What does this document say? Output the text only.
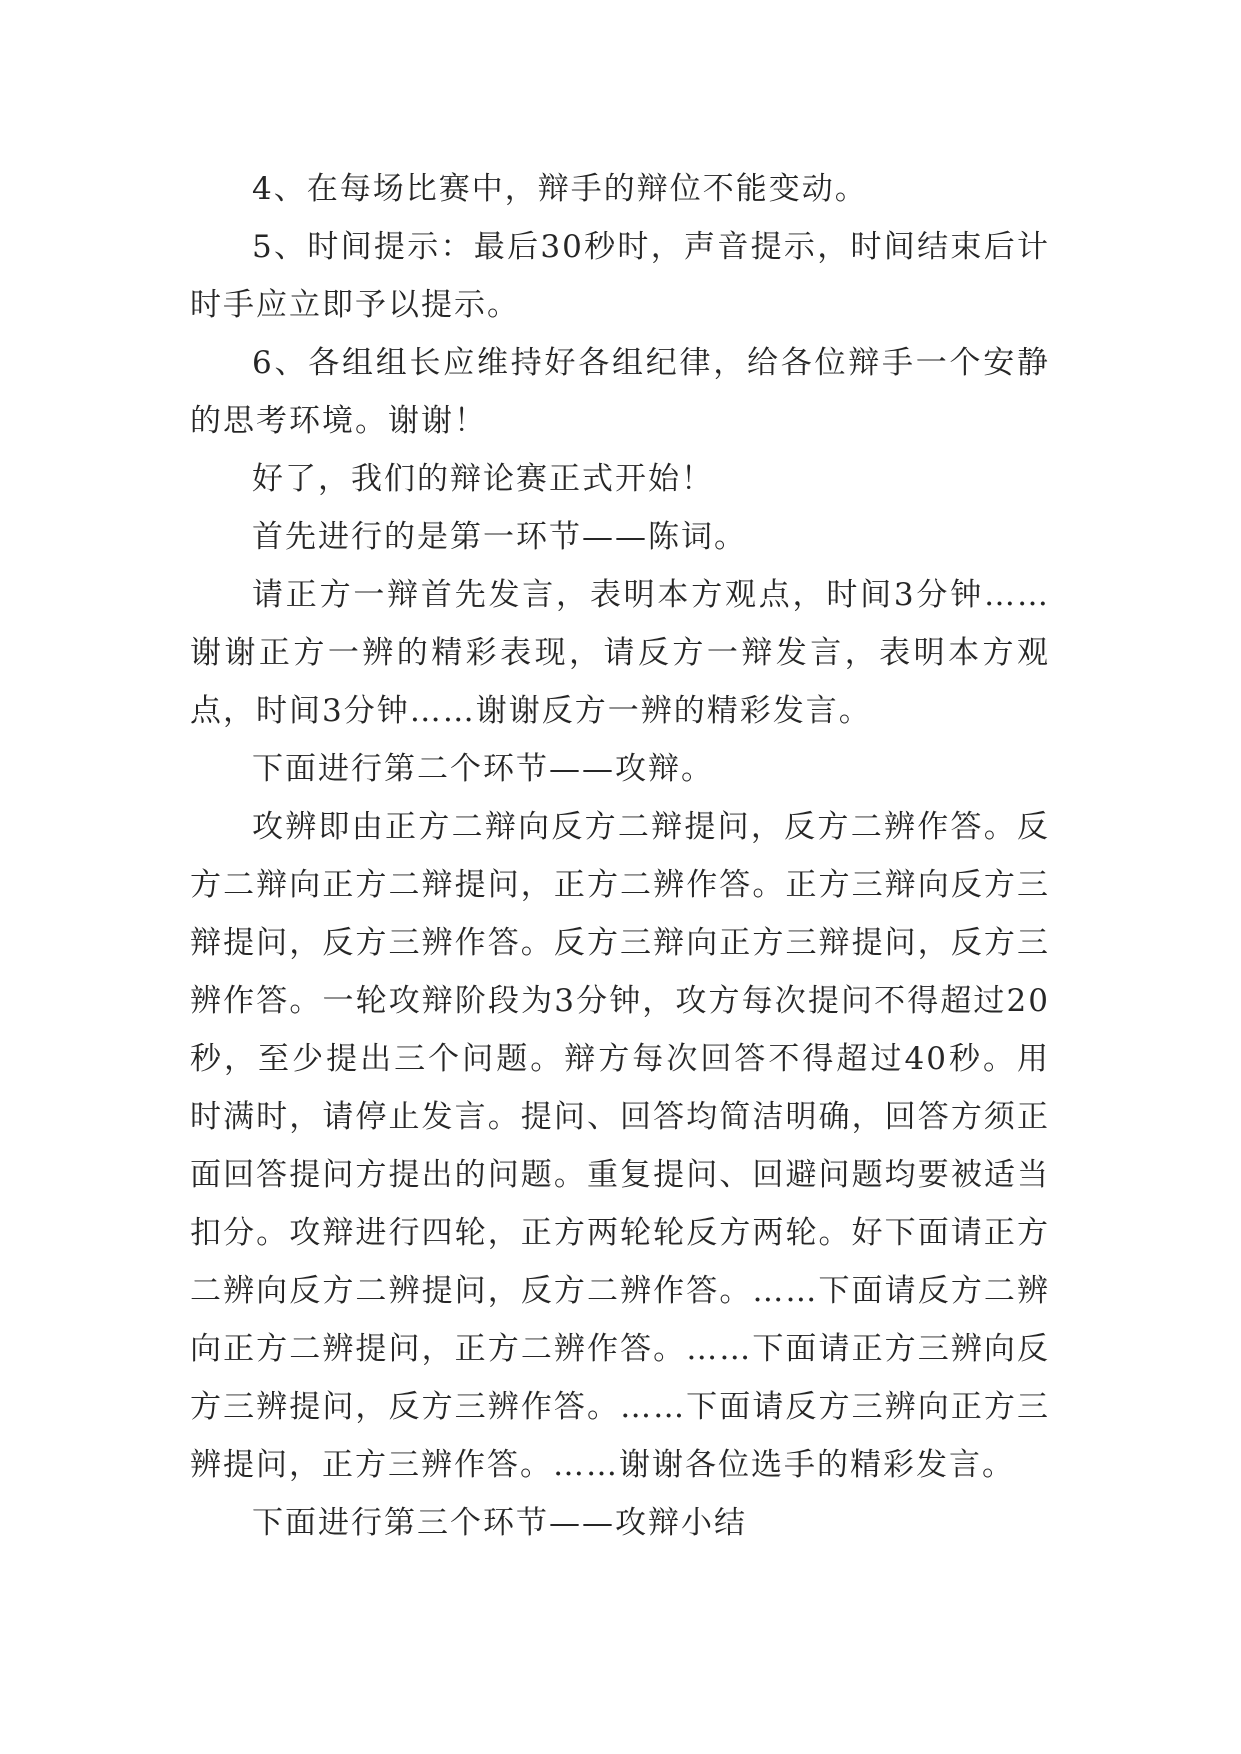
4、在每场比赛中，辩手的辩位不能变动。

5、时间提示：最后30秒时，声音提示，时间结束后计时手应立即予以提示。

6、各组组长应维持好各组纪律，给各位辩手一个安静的思考环境。谢谢！

好了，我们的辩论赛正式开始！

首先进行的是第一环节——陈词。

请正方一辩首先发言，表明本方观点，时间3分钟……谢谢正方一辨的精彩表现，请反方一辩发言，表明本方观点，时间3分钟……谢谢反方一辨的精彩发言。

下面进行第二个环节——攻辩。

攻辨即由正方二辩向反方二辩提问，反方二辨作答。反方二辩向正方二辩提问，正方二辨作答。正方三辩向反方三辩提问，反方三辨作答。反方三辩向正方三辩提问，反方三辨作答。一轮攻辩阶段为3分钟，攻方每次提问不得超过20秒，至少提出三个问题。辩方每次回答不得超过40秒。用时满时，请停止发言。提问、回答均简洁明确，回答方须正面回答提问方提出的问题。重复提问、回避问题均要被适当扣分。攻辩进行四轮，正方两轮轮反方两轮。好下面请正方二辨向反方二辨提问，反方二辨作答。……下面请反方二辨向正方二辨提问，正方二辨作答。……下面请正方三辨向反方三辨提问，反方三辨作答。……下面请反方三辨向正方三辨提问，正方三辨作答。……谢谢各位选手的精彩发言。

下面进行第三个环节——攻辩小结
